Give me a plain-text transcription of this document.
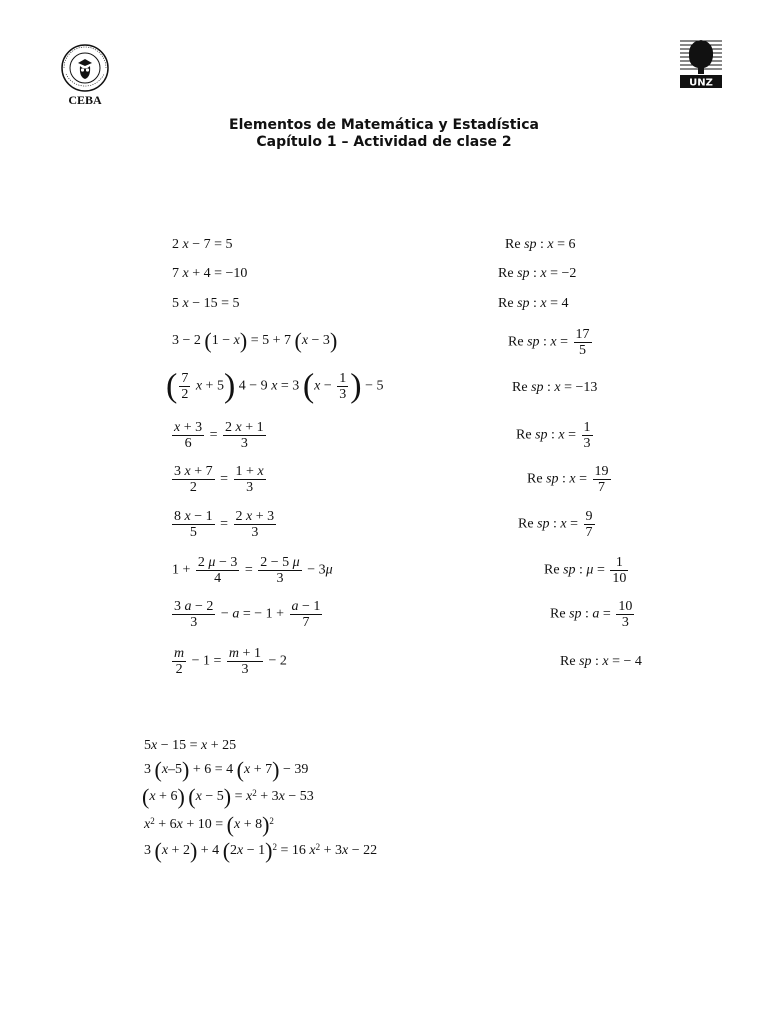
CEBA
UNZ
Elementos de Matemática y Estadística
Capítulo 1 – Actividad de clase 2
2 x − 7 = 5	Re sp : x = 6
7 x + 4 = −10	Re sp : x = −2
5 x − 15 = 5	Re sp : x = 4
3 − 2 (1 − x) = 5 + 7 (x − 3)	Re sp : $x = \frac{17}{5}$
( $\frac{7}{2}$ x + 5) 4 − 9 x = 3 ($x - \frac{1}{3}$ ) − 5	Re sp : x = −13
$\frac{x + 3}{6} = \frac{2 x + 1}{3}$	Re sp : $x = \frac{1}{3}$
$\frac{3 x + 7}{2} = \frac{1 + x}{3}$	Re sp : $x = \frac{19}{7}$
$\frac{8 x - 1}{5} = \frac{2 x + 3}{3}$	Re sp : $x = \frac{9}{7}$
$1 + \frac{2 \mu - 3}{4} = \frac{2 - 5 \mu}{3} - 3\mu$	Re sp : $\mu = \frac{1}{10}$
$\frac{3 a - 2}{3} - a$ = − $1 + \frac{a - 1}{7}$	Re sp : $a = \frac{10}{3}$
$\frac{m}{2} - 1 = \frac{m + 1}{3} - 2$	Re sp : x = − 4
5x − 15 = x + 25
3 (x–5) + 6 = 4 (x + 7) − 39
(x + 6) $(x - 5) = x^2 + 3x - 53$
$x^2 + 6x + 10 = (x + 8)^2$
3 (x + 2) + 4 $(2x - 1)^2 = 16$ $x^2 + 3x - 22$
